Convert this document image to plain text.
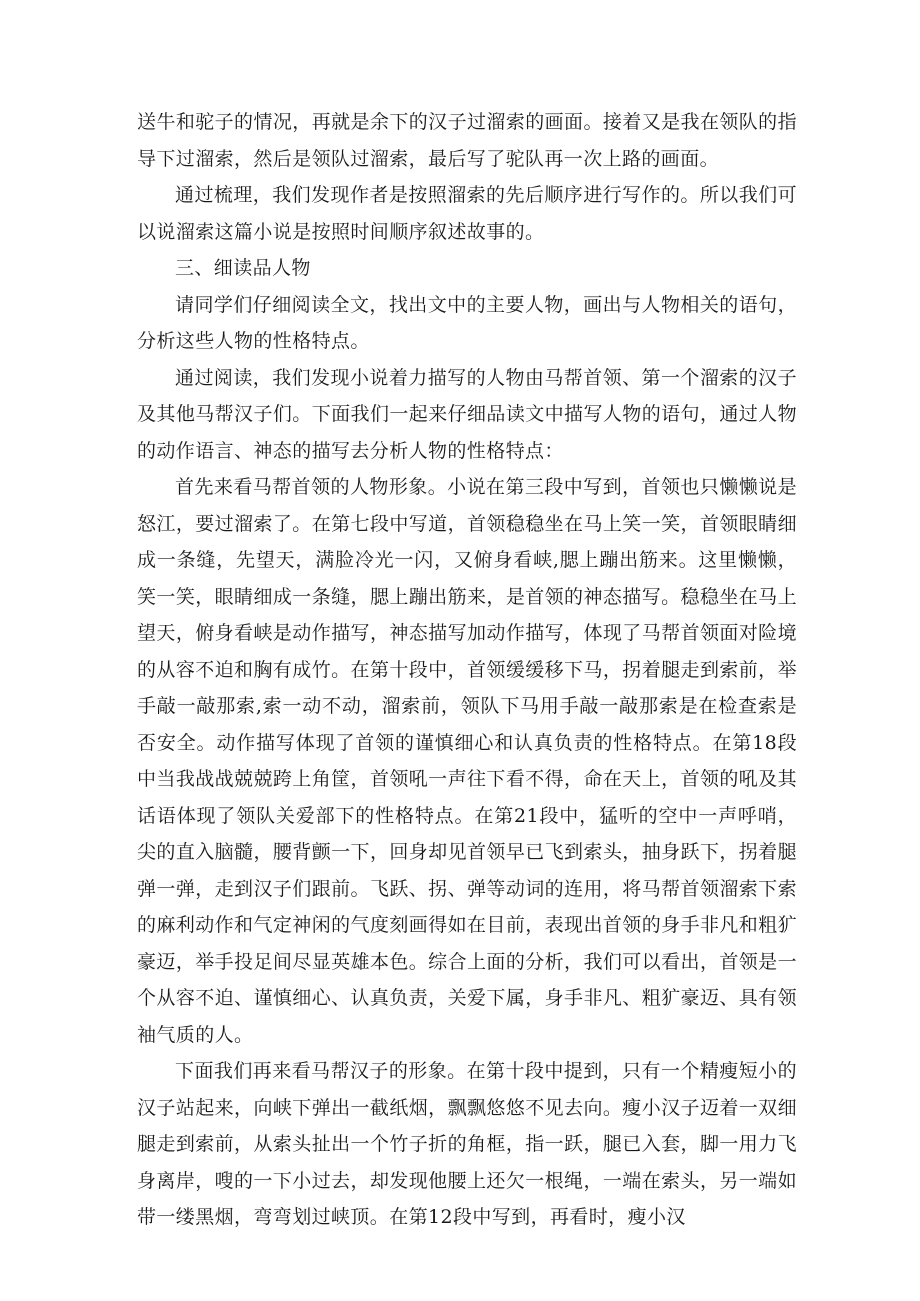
送牛和驼子的情况，再就是余下的汉子过溜索的画面。接着又是我在领队的指导下过溜索，然后是领队过溜索，最后写了驼队再一次上路的画面。

通过梳理，我们发现作者是按照溜索的先后顺序进行写作的。所以我们可以说溜索这篇小说是按照时间顺序叙述故事的。

三、细读品人物

请同学们仔细阅读全文，找出文中的主要人物，画出与人物相关的语句，分析这些人物的性格特点。

通过阅读，我们发现小说着力描写的人物由马帮首领、第一个溜索的汉子及其他马帮汉子们。下面我们一起来仔细品读文中描写人物的语句，通过人物的动作语言、神态的描写去分析人物的性格特点：

首先来看马帮首领的人物形象。小说在第三段中写到，首领也只懒懒说是怒江，要过溜索了。在第七段中写道，首领稳稳坐在马上笑一笑，首领眼睛细成一条缝，先望天，满脸冷光一闪，又俯身看峡,腮上蹦出筋来。这里懒懒，笑一笑，眼睛细成一条缝，腮上蹦出筋来，是首领的神态描写。稳稳坐在马上望天，俯身看峡是动作描写，神态描写加动作描写，体现了马帮首领面对险境的从容不迫和胸有成竹。在第十段中，首领缓缓移下马，拐着腿走到索前，举手敲一敲那索,索一动不动，溜索前，领队下马用手敲一敲那索是在检查索是否安全。动作描写体现了首领的谨慎细心和认真负责的性格特点。在第18段中当我战战兢兢跨上角筐，首领吼一声往下看不得，命在天上，首领的吼及其话语体现了领队关爱部下的性格特点。在第21段中，猛听的空中一声呼哨，尖的直入脑髓，腰背颤一下，回身却见首领早已飞到索头，抽身跃下，拐着腿弹一弹，走到汉子们跟前。飞跃、拐、弹等动词的连用，将马帮首领溜索下索的麻利动作和气定神闲的气度刻画得如在目前，表现出首领的身手非凡和粗犷豪迈，举手投足间尽显英雄本色。综合上面的分析，我们可以看出，首领是一个从容不迫、谨慎细心、认真负责，关爱下属，身手非凡、粗犷豪迈、具有领袖气质的人。

下面我们再来看马帮汉子的形象。在第十段中提到，只有一个精瘦短小的汉子站起来，向峡下弹出一截纸烟，飘飘悠悠不见去向。瘦小汉子迈着一双细腿走到索前，从索头扯出一个竹子折的角框，指一跃，腿已入套，脚一用力飞身离岸，嗖的一下小过去，却发现他腰上还欠一根绳，一端在索头，另一端如带一缕黑烟，弯弯划过峡顶。在第12段中写到，再看时，瘦小汉
